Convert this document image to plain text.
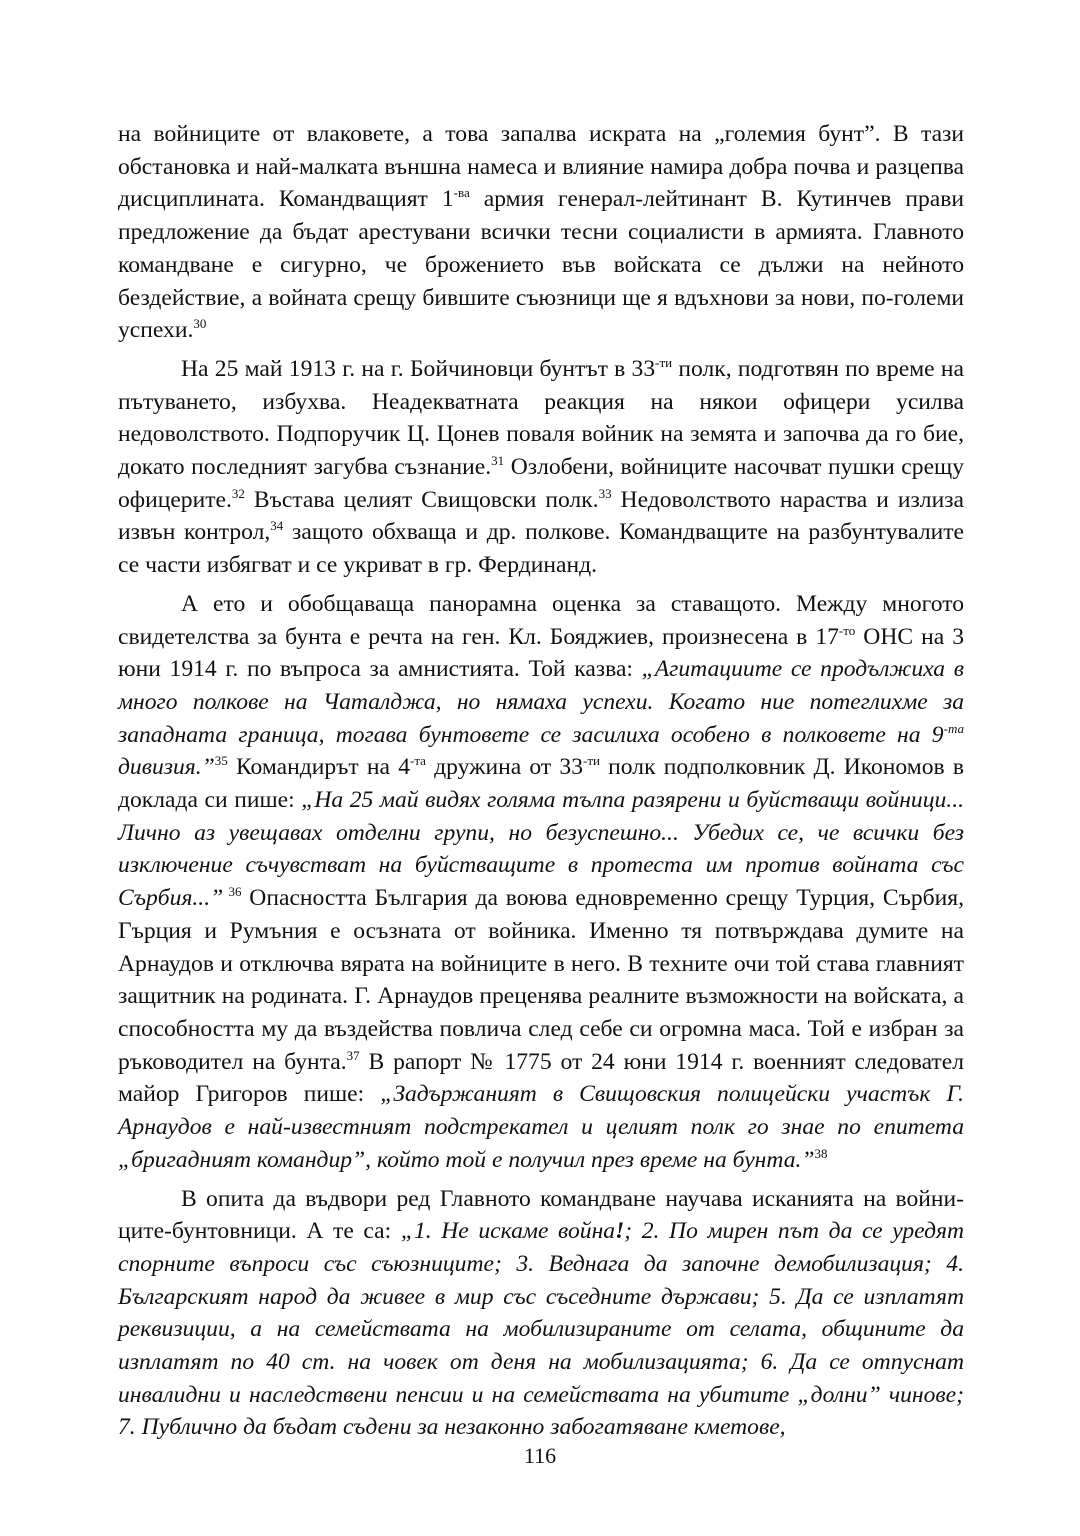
на войниците от влаковете, а това запалва искрата на „големия бунт”. В тази обстановка и най-малката външна намеса и влияние намира добра почва и разцепва дисциплината. Командващият $1^{-ва}$ армия генерал-лейтинант В. Кутинчев прави предложение да бъдат арестувани всички тесни социалисти в армията. Главното командване е сигурно, че брожението във войската се дължи на нейното бездействие, а войната срещу бившите съюзници ще я вдъхнови за нови, по-големи успехи.$^{30}$

На 25 май 1913 г. на г. Бойчиновци бунтът в $33^{-ти}$ полк, подготвян по време на пътуването, избухва. Неадекватната реакция на някои офицери усилва недоволството. Подпоручик Ц. Цонев поваля войник на земята и започва да го бие, докато последният загубва съзнание.$^{31}$ Озлобени, войниците насочват пушки срещу офицерите.$^{32}$ Въстава целият Свищовски полк.$^{33}$ Недоволството нараства и излиза извън контрол,$^{34}$ защото обхваща и др. полкове. Командващите на разбунтувалите се части избягват и се укриват в гр. Фердинанд.

А ето и обобщаваща панорамна оценка за ставащото. Между многото свидетелства за бунта е речта на ген. Кл. Бояджиев, произнесена в $17^{-то}$ ОНС на 3 юни 1914 г. по въпроса за амнистията. Той казва: „Агитациите се продължиха в много полкове на Чаталджа, но нямаха успехи. Когато ние потеглихме за западната граница, тогава бунтовете се засилиха особено в полковете на $9^{-та}$ дивизия.”$^{35}$ Командирът на $4^{-та}$ дружина от $33^{-ти}$ полк подполковник Д. Икономов в доклада си пише: „На 25 май видях голяма тълпа разярени и буйстващи войници... Лично аз увещавах отделни групи, но безуспешно... Убедих се, че всички без изключение съчувстват на буйстващите в протеста им против войната със Сърбия...” $^{36}$ Опасността България да воюва едновременно срещу Турция, Сърбия, Гърция и Румъния е осъзната от войника. Именно тя потвърждава думите на Арнаудов и отключва вярата на войниците в него. В техните очи той става главният защитник на родината. Г. Арнаудов преценява реалните възможности на войската, а способността му да въздейства повлича след себе си огромна маса. Той е избран за ръководител на бунта.$^{37}$ В рапорт № 1775 от 24 юни 1914 г. военният следовател майор Григоров пише: „Задържаният в Свищовския полицейски участък Г. Арнаудов е най-известният подстрекател и целият полк го знае по епитета „бригадният командир”, който той е получил през време на бунта.”$^{38}$

В опита да въдвори ред Главното командване научава исканията на войниците-бунтовници. А те са: „1. Не искаме война!; 2. По мирен път да се уредят спорните въпроси със съюзниците; 3. Веднага да започне демобилизация; 4. Българският народ да живее в мир със съседните държави; 5. Да се изплатят реквизиции, а на семействата на мобилизираните от селата, общините да изплатят по 40 ст. на човек от деня на мобилизацията; 6. Да се отпуснат инвалидни и наследствени пенсии и на семействата на убитите „долни” чинове; 7. Публично да бъдат съдени за незаконно забогатяване кметове,

116
